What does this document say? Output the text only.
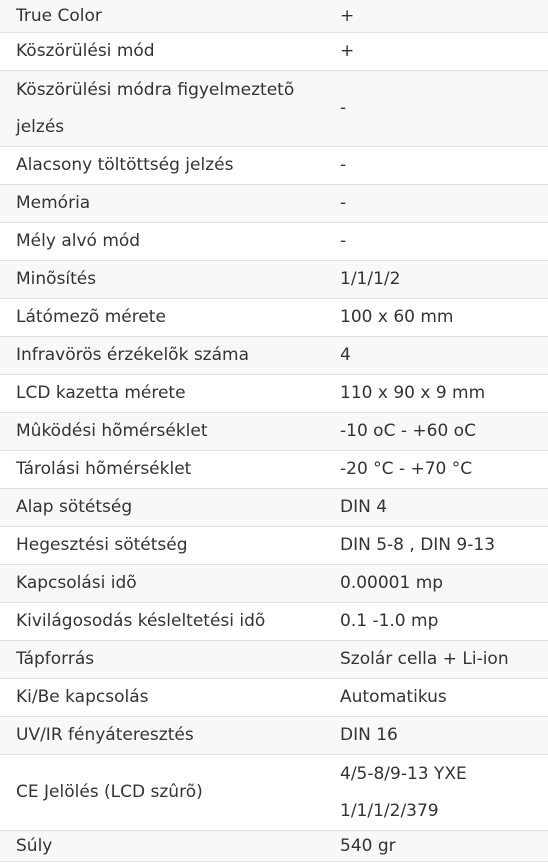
True Color	+
Köszörülési mód	+

Köszörülési módra figyelmeztetõ
jelzés	-
Alacsony töltöttség jelzés	-
Memória	-
Mély alvó mód	-
Minõsítés	1/1/1/2
Látómezõ mérete	100 x 60 mm
Infravörös érzékelõk száma	4
LCD kazetta mérete	110 x 90 x 9 mm
Mûködési hõmérséklet	-10 oC - +60 oC
Tárolási hõmérséklet	-20 °C - +70 °C
Alap sötétség	DIN 4
Hegesztési sötétség	DIN 5-8 , DIN 9-13
Kapcsolási idõ	0.00001 mp
Kivilágosodás késleltetési idõ	0.1 -1.0 mp
Tápforrás	Szolár cella + Li-ion
Ki/Be kapcsolás	Automatikus
UV/IR fényáteresztés	DIN 16
CE Jelölés (LCD szûrõ)	4/5-8/9-13 YXE
1/1/1/2/379

Súly	540 gr
